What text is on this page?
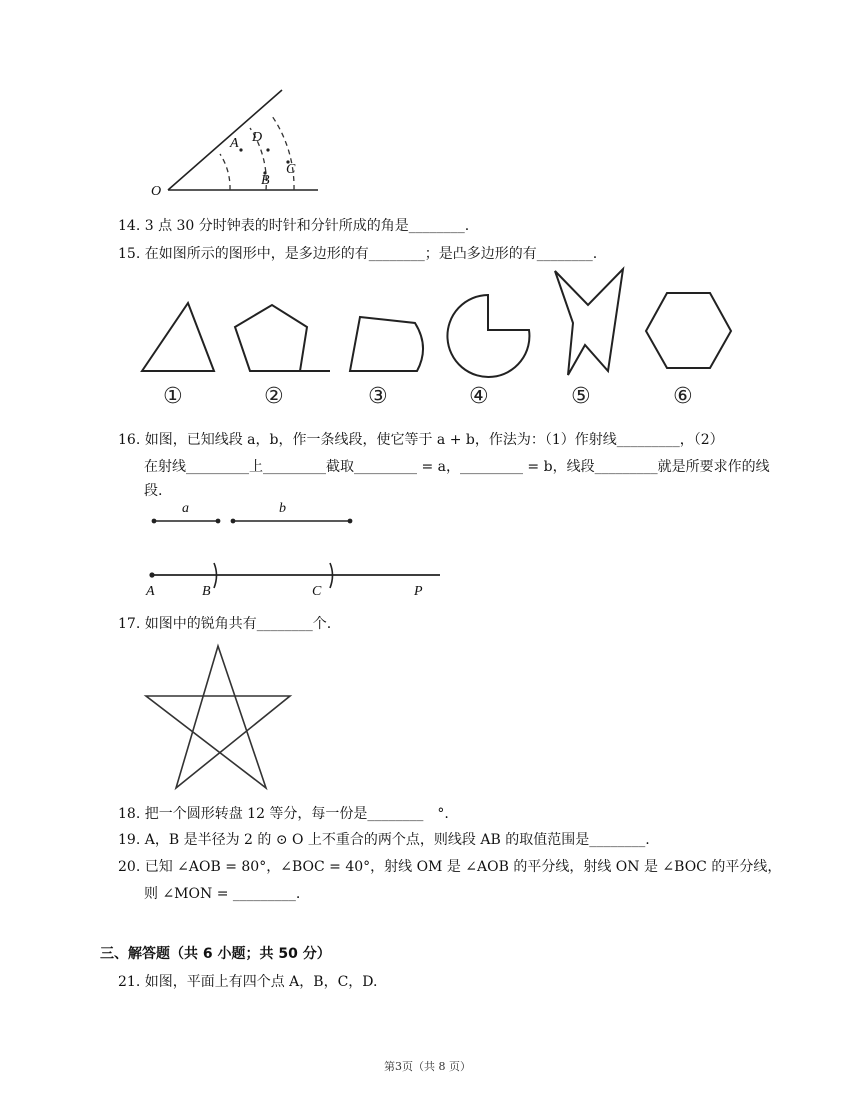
O
A D
B
C
14. 3 点 30 分时钟表的时针和分针所成的角是________.
15. 在如图所示的图形中，是多边形的有________；是凸多边形的有________.
①	②	③	④	⑤	⑥
16. 如图，已知线段 a，b，作一条线段，使它等于 a + b，作法为：（1）作射线_________，（2）
在射线_________上_________截取_________ = a，_________ = b，线段_________就是所要求作的线
段.
a	b
A	B	C	P
17. 如图中的锐角共有________个.
18. 把一个圆形转盘 12 等分，每一份是________　°.
19. A，B 是半径为 2 的 ⊙ O 上不重合的两个点，则线段 AB 的取值范围是________.
20. 已知 ∠AOB = 80°，∠BOC = 40°，射线 OM 是 ∠AOB 的平分线，射线 ON 是 ∠BOC 的平分线，
则 ∠MON = _________.
三、解答题（共 6 小题；共 50 分）
21. 如图，平面上有四个点 A，B，C，D.
第3页（共 8 页）
